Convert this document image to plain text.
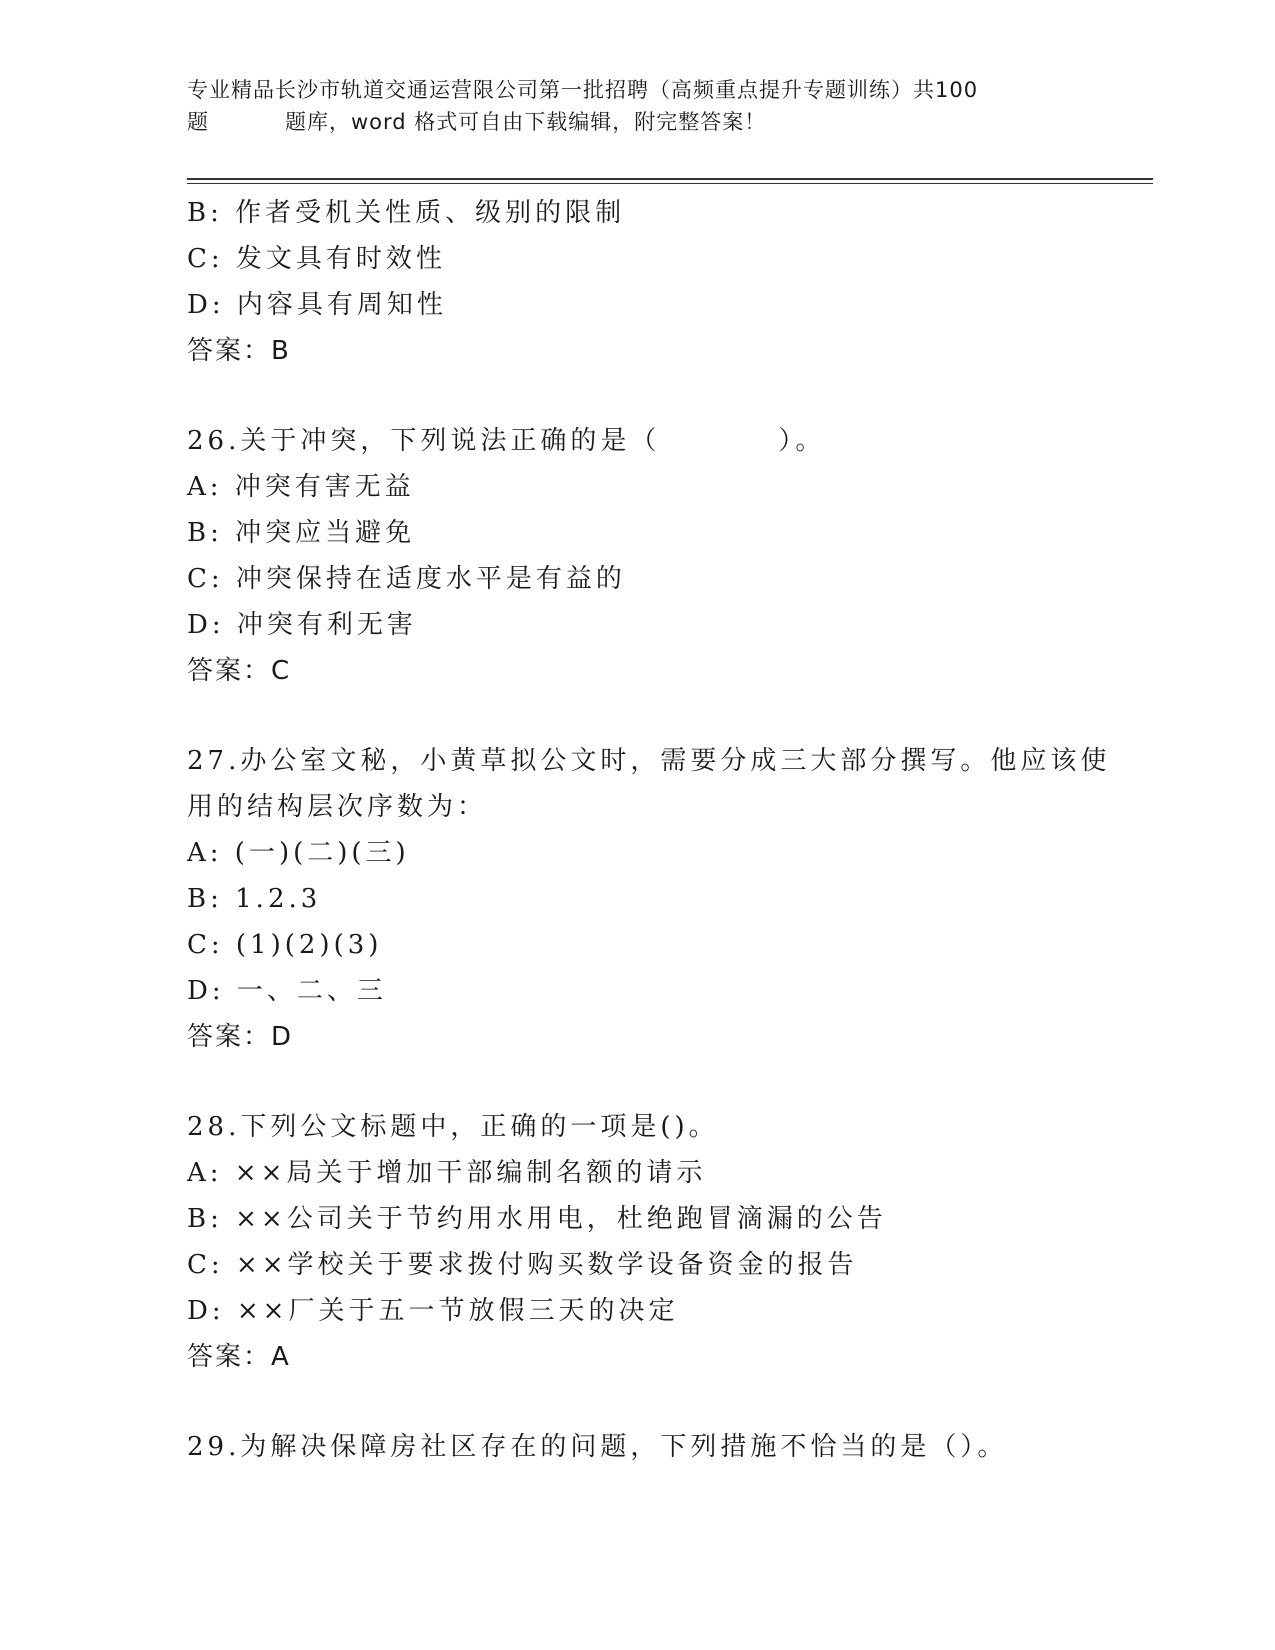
专业精品长沙市轨道交通运营限公司第一批招聘（高频重点提升专题训练）共100
题	题库，word 格式可自由下载编辑，附完整答案！
B: 作者受机关性质、级别的限制
C: 发文具有时效性
D: 内容具有周知性
答案：B
26.关于冲突，下列说法正确的是（	）。
A: 冲突有害无益
B: 冲突应当避免
C: 冲突保持在适度水平是有益的
D: 冲突有利无害
答案：C
27.办公室文秘，小黄草拟公文时，需要分成三大部分撰写。他应该使
用的结构层次序数为：
A: (一)(二)(三)
B: 1.2.3
C: (1)(2)(3)
D: 一、二、三
答案：D
28.下列公文标题中，正确的一项是()。
A: ××局关于增加干部编制名额的请示
B: ××公司关于节约用水用电，杜绝跑冒滴漏的公告
C: ××学校关于要求拨付购买数学设备资金的报告
D: ××厂关于五一节放假三天的决定
答案：A
29.为解决保障房社区存在的问题，下列措施不恰当的是（）。
